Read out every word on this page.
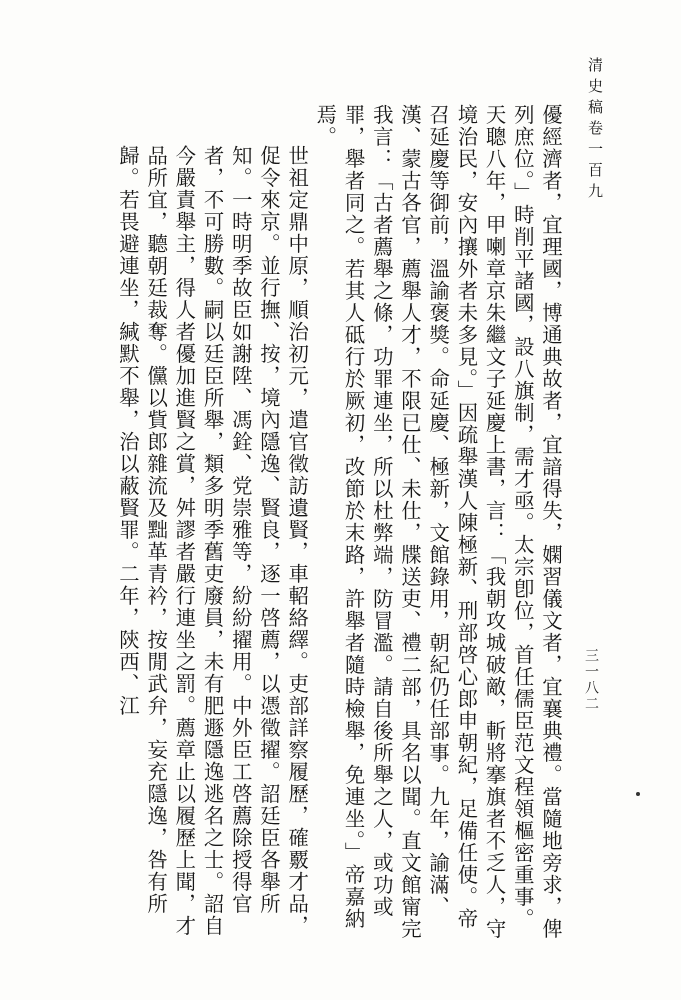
清史稿卷一百九
三一八二

優經濟者，宜理國，博通典故者，宜諳得失，嫻習儀文者，宜襄典禮。當隨地旁求，俾列庶位。」時削平諸國，設八旗制，需才亟。太宗卽位，首任儒臣范文程領樞密重事。天聰八年，甲喇章京朱繼文子延慶上書，言：「我朝攻城破敵，斬將搴旗者不乏人，守境治民，安內攘外者未多見。」因疏舉漢人陳極新、刑部啓心郎申朝紀，足備任使。帝召延慶等御前，溫諭褒獎。命延慶、極新，文館錄用，朝紀仍任部事。九年，諭滿、漢、蒙古各官，薦舉人才，不限已仕、未仕，牒送吏、禮二部，具名以聞。直文館甯完我言：「古者薦舉之條，功罪連坐，所以杜弊端，防冒濫。請自後所舉之人，或功或罪，舉者同之。若其人砥行於厥初，改節於末路，許舉者隨時檢舉，免連坐。」帝嘉納焉。

世祖定鼎中原，順治初元，遣官徵訪遺賢，車軺絡繹。吏部詳察履歷，確覈才品，促令來京。並行撫、按，境內隱逸、賢良，逐一啓薦，以憑徵擢。詔廷臣各舉所知。一時明季故臣如謝陞、馮銓、党崇雅等，紛紛擢用。中外臣工啓薦除授得官者，不可勝數。嗣以廷臣所舉，類多明季舊吏廢員，未有肥遯隱逸逃名之士。詔自今嚴責舉主，得人者優加進賢之賞，舛謬者嚴行連坐之罰。薦章止以履歷上聞，才品所宜，聽朝廷裁奪。儻以貲郎雜流及黜革青衿，按閒武弁，妄充隱逸，咎有所歸。若畏避連坐，緘默不舉，治以蔽賢罪。二年，陝西、江
